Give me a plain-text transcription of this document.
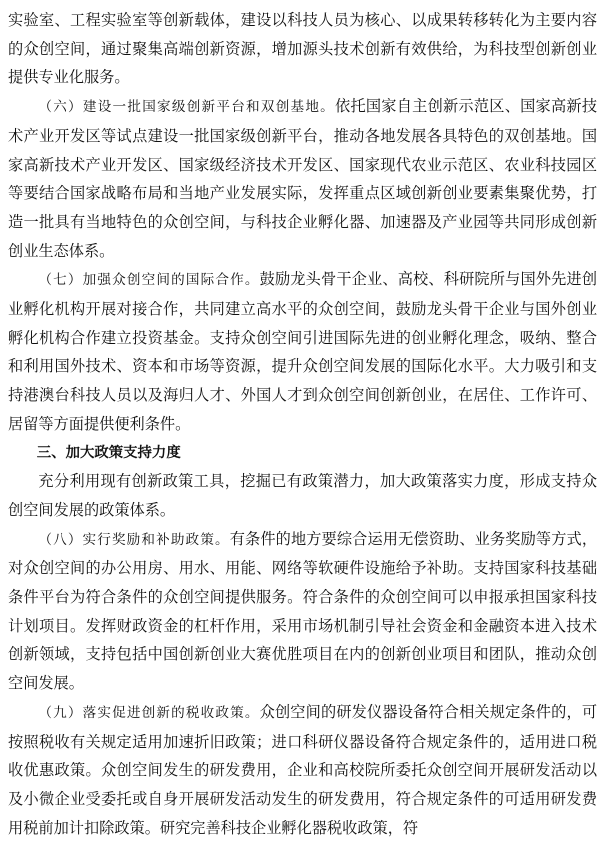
实验室、工程实验室等创新载体，建设以科技人员为核心、以成果转移转化为主要内容的众创空间，通过聚集高端创新资源，增加源头技术创新有效供给，为科技型创新创业提供专业化服务。

（六）建设一批国家级创新平台和双创基地。依托国家自主创新示范区、国家高新技术产业开发区等试点建设一批国家级创新平台，推动各地发展各具特色的双创基地。国家高新技术产业开发区、国家级经济技术开发区、国家现代农业示范区、农业科技园区等要结合国家战略布局和当地产业发展实际，发挥重点区域创新创业要素集聚优势，打造一批具有当地特色的众创空间，与科技企业孵化器、加速器及产业园等共同形成创新创业生态体系。

（七）加强众创空间的国际合作。鼓励龙头骨干企业、高校、科研院所与国外先进创业孵化机构开展对接合作，共同建立高水平的众创空间，鼓励龙头骨干企业与国外创业孵化机构合作建立投资基金。支持众创空间引进国际先进的创业孵化理念，吸纳、整合和利用国外技术、资本和市场等资源，提升众创空间发展的国际化水平。大力吸引和支持港澳台科技人员以及海归人才、外国人才到众创空间创新创业，在居住、工作许可、居留等方面提供便利条件。

三、加大政策支持力度

充分利用现有创新政策工具，挖掘已有政策潜力，加大政策落实力度，形成支持众创空间发展的政策体系。

（八）实行奖励和补助政策。有条件的地方要综合运用无偿资助、业务奖励等方式，对众创空间的办公用房、用水、用能、网络等软硬件设施给予补助。支持国家科技基础条件平台为符合条件的众创空间提供服务。符合条件的众创空间可以申报承担国家科技计划项目。发挥财政资金的杠杆作用，采用市场机制引导社会资金和金融资本进入技术创新领域，支持包括中国创新创业大赛优胜项目在内的创新创业项目和团队，推动众创空间发展。

（九）落实促进创新的税收政策。众创空间的研发仪器设备符合相关规定条件的，可按照税收有关规定适用加速折旧政策；进口科研仪器设备符合规定条件的，适用进口税收优惠政策。众创空间发生的研发费用，企业和高校院所委托众创空间开展研发活动以及小微企业受委托或自身开展研发活动发生的研发费用，符合规定条件的可适用研发费用税前加计扣除政策。研究完善科技企业孵化器税收政策，符
